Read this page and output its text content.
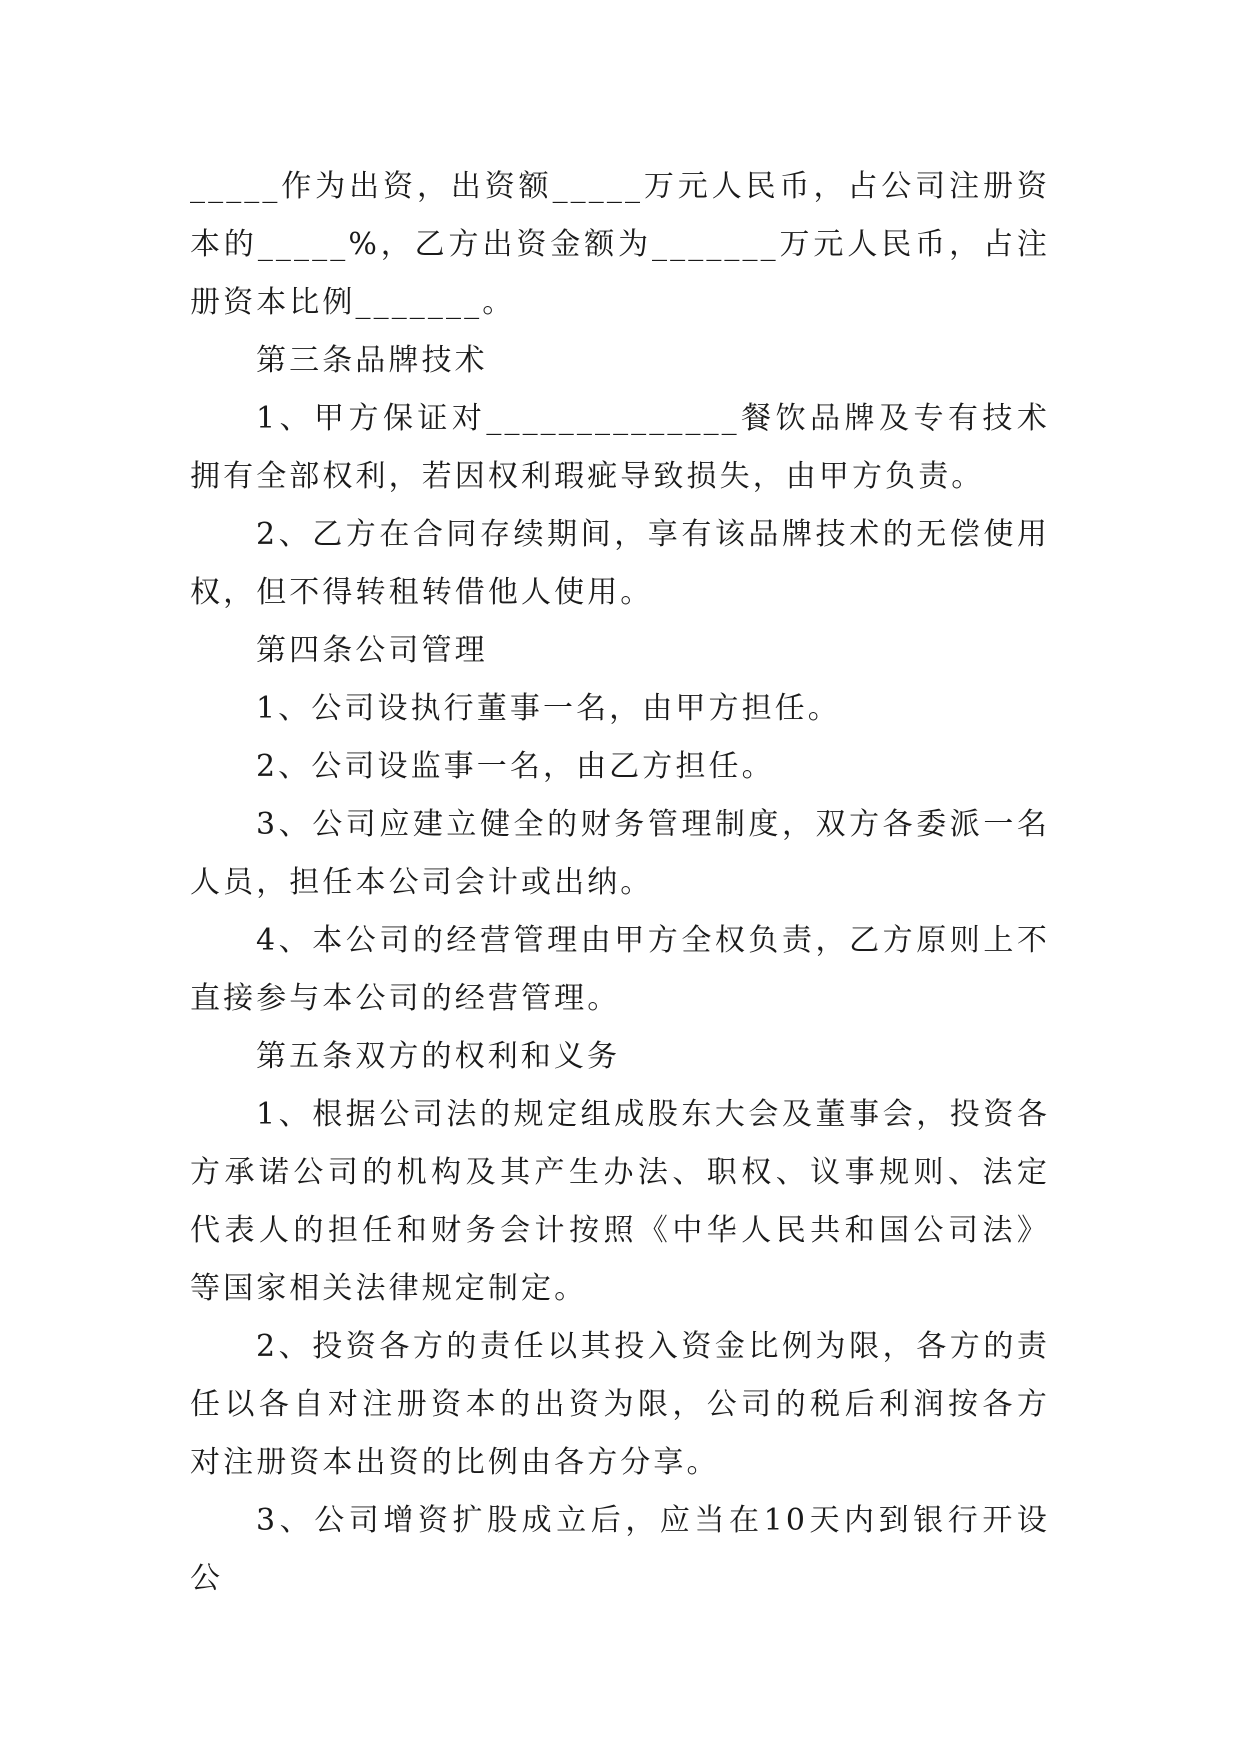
_____作为出资，出资额_____万元人民币，占公司注册资本的_____%，乙方出资金额为_______万元人民币，占注册资本比例_______。

第三条品牌技术

1、甲方保证对______________餐饮品牌及专有技术拥有全部权利，若因权利瑕疵导致损失，由甲方负责。

2、乙方在合同存续期间，享有该品牌技术的无偿使用权，但不得转租转借他人使用。

第四条公司管理

1、公司设执行董事一名，由甲方担任。

2、公司设监事一名，由乙方担任。

3、公司应建立健全的财务管理制度，双方各委派一名人员，担任本公司会计或出纳。

4、本公司的经营管理由甲方全权负责，乙方原则上不直接参与本公司的经营管理。

第五条双方的权利和义务

1、根据公司法的规定组成股东大会及董事会，投资各方承诺公司的机构及其产生办法、职权、议事规则、法定代表人的担任和财务会计按照《中华人民共和国公司法》等国家相关法律规定制定。

2、投资各方的责任以其投入资金比例为限，各方的责任以各自对注册资本的出资为限，公司的税后利润按各方对注册资本出资的比例由各方分享。

3、公司增资扩股成立后，应当在10天内到银行开设公
